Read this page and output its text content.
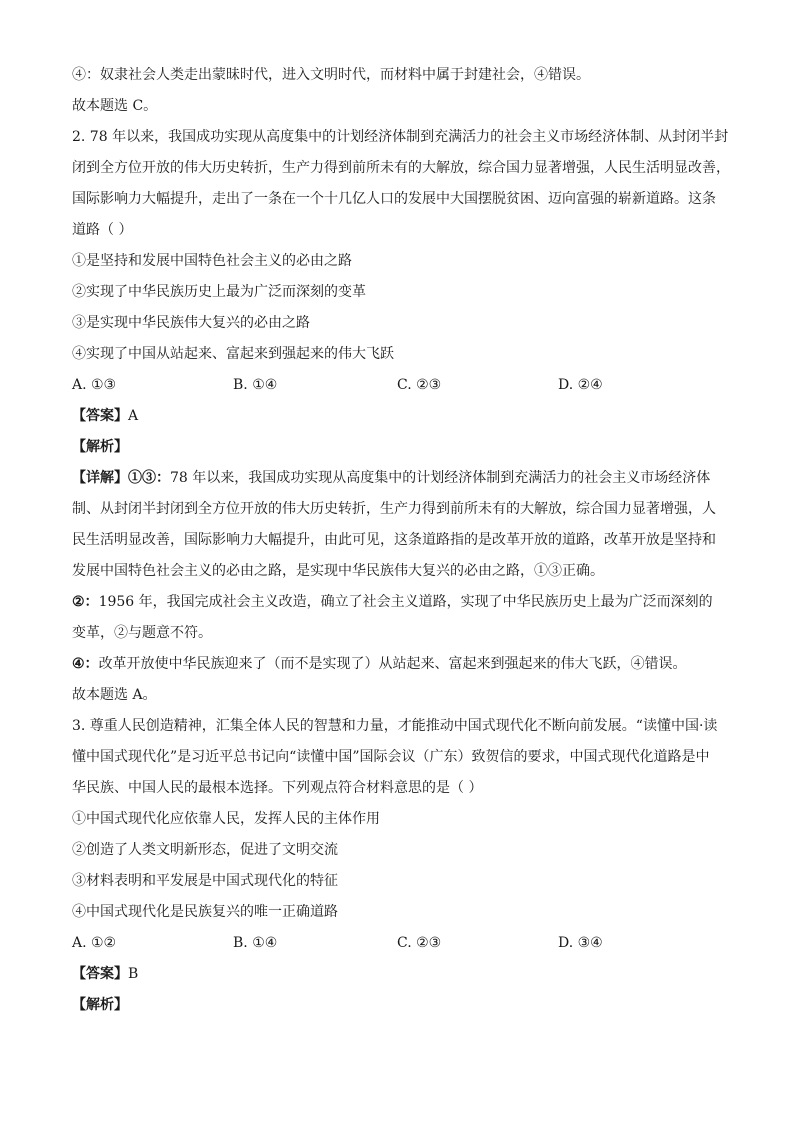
④：奴隶社会人类走出蒙昧时代，进入文明时代，而材料中属于封建社会，④错误。
故本题选 C。
2. 78 年以来，我国成功实现从高度集中的计划经济体制到充满活力的社会主义市场经济体制、从封闭半封
闭到全方位开放的伟大历史转折，生产力得到前所未有的大解放，综合国力显著增强，人民生活明显改善，
国际影响力大幅提升，走出了一条在一个十几亿人口的发展中大国摆脱贫困、迈向富强的崭新道路。这条
道路（ ）
①是坚持和发展中国特色社会主义的必由之路
②实现了中华民族历史上最为广泛而深刻的变革
③是实现中华民族伟大复兴的必由之路
④实现了中国从站起来、富起来到强起来的伟大飞跃
A. ①③	B. ①④	C. ②③	D. ②④
【答案】A
【解析】
【详解】①③：78 年以来，我国成功实现从高度集中的计划经济体制到充满活力的社会主义市场经济体
制、从封闭半封闭到全方位开放的伟大历史转折，生产力得到前所未有的大解放，综合国力显著增强，人
民生活明显改善，国际影响力大幅提升，由此可见，这条道路指的是改革开放的道路，改革开放是坚持和
发展中国特色社会主义的必由之路，是实现中华民族伟大复兴的必由之路，①③正确。
②：1956 年，我国完成社会主义改造，确立了社会主义道路，实现了中华民族历史上最为广泛而深刻的
变革，②与题意不符。
④：改革开放使中华民族迎来了（而不是实现了）从站起来、富起来到强起来的伟大飞跃，④错误。
故本题选 A。
3. 尊重人民创造精神，汇集全体人民的智慧和力量，才能推动中国式现代化不断向前发展。“读懂中国·读
懂中国式现代化”是习近平总书记向“读懂中国”国际会议（广东）致贺信的要求，中国式现代化道路是中
华民族、中国人民的最根本选择。下列观点符合材料意思的是（ ）
①中国式现代化应依靠人民，发挥人民的主体作用
②创造了人类文明新形态，促进了文明交流
③材料表明和平发展是中国式现代化的特征
④中国式现代化是民族复兴的唯一正确道路
A. ①②	B. ①④	C. ②③	D. ③④
【答案】B
【解析】
